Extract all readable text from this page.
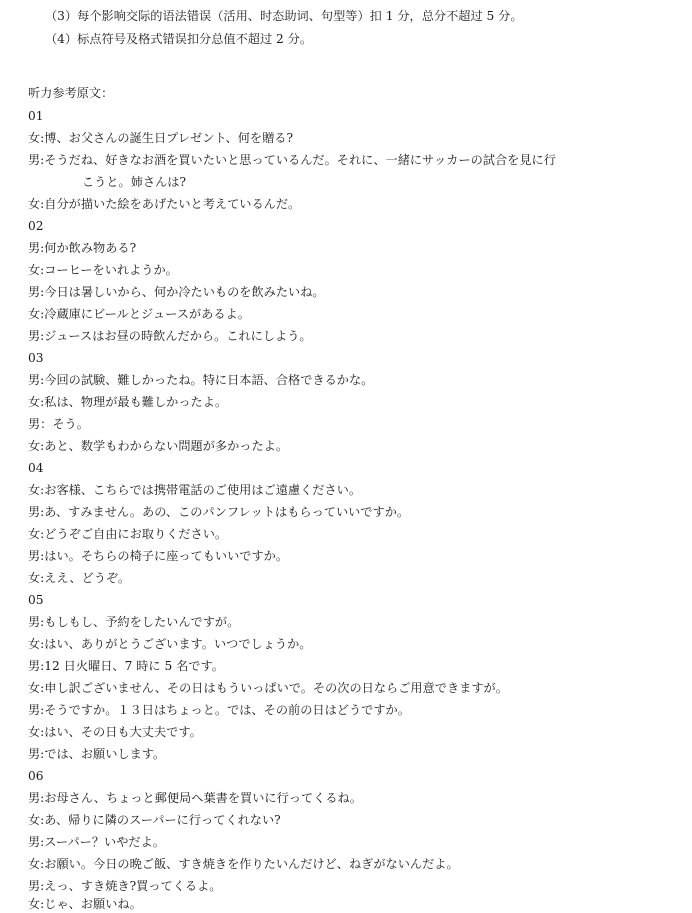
（3）每个影响交际的语法错误（活用、时态助词、句型等）扣 1 分，总分不超过 5 分。
（4）标点符号及格式错误扣分总值不超过 2 分。
听力参考原文：
01
女:博、お父さんの誕生日プレゼント、何を贈る?
男:そうだね、好きなお酒を買いたいと思っているんだ。それに、一緒にサッカーの試合を見に行
こうと。姉さんは?
女:自分が描いた絵をあげたいと考えているんだ。
02
男:何か飲み物ある?
女:コーヒーをいれようか。
男:今日は暑しいから、何か冷たいものを飲みたいね。
女:冷蔵庫にビールとジュースがあるよ。
男:ジュースはお昼の時飲んだから。これにしよう。
03
男:今回の試験、難しかったね。特に日本語、合格できるかな。
女:私は、物理が最も難しかったよ。
男：そう。
女:あと、数学もわからない問題が多かったよ。
04
女:お客様、こちらでは携帯電話のご使用はご遠慮ください。
男:あ、すみません。あの、このパンフレットはもらっていいですか。
女:どうぞご自由にお取りください。
男:はい。そちらの椅子に座ってもいいですか。
女:ええ、どうぞ。
05
男:もしもし、予約をしたいんですが。
女:はい、ありがとうございます。いつでしょうか。
男:12 日火曜日、7 時に 5 名です。
女:申し訳ございません、その日はもういっぱいで。その次の日ならご用意できますが。
男:そうですか。１３日はちょっと。では、その前の日はどうですか。
女:はい、その日も大丈夫です。
男:では、お願いします。
06
男:お母さん、ちょっと郵便局へ葉書を買いに行ってくるね。
女:あ、帰りに隣のスーパーに行ってくれない?
男:スーパー？いやだよ。
女:お願い。今日の晩ご飯、すき焼きを作りたいんだけど、ねぎがないんだよ。
男:えっ、すき焼き?買ってくるよ。
女:じゃ、お願いね。
